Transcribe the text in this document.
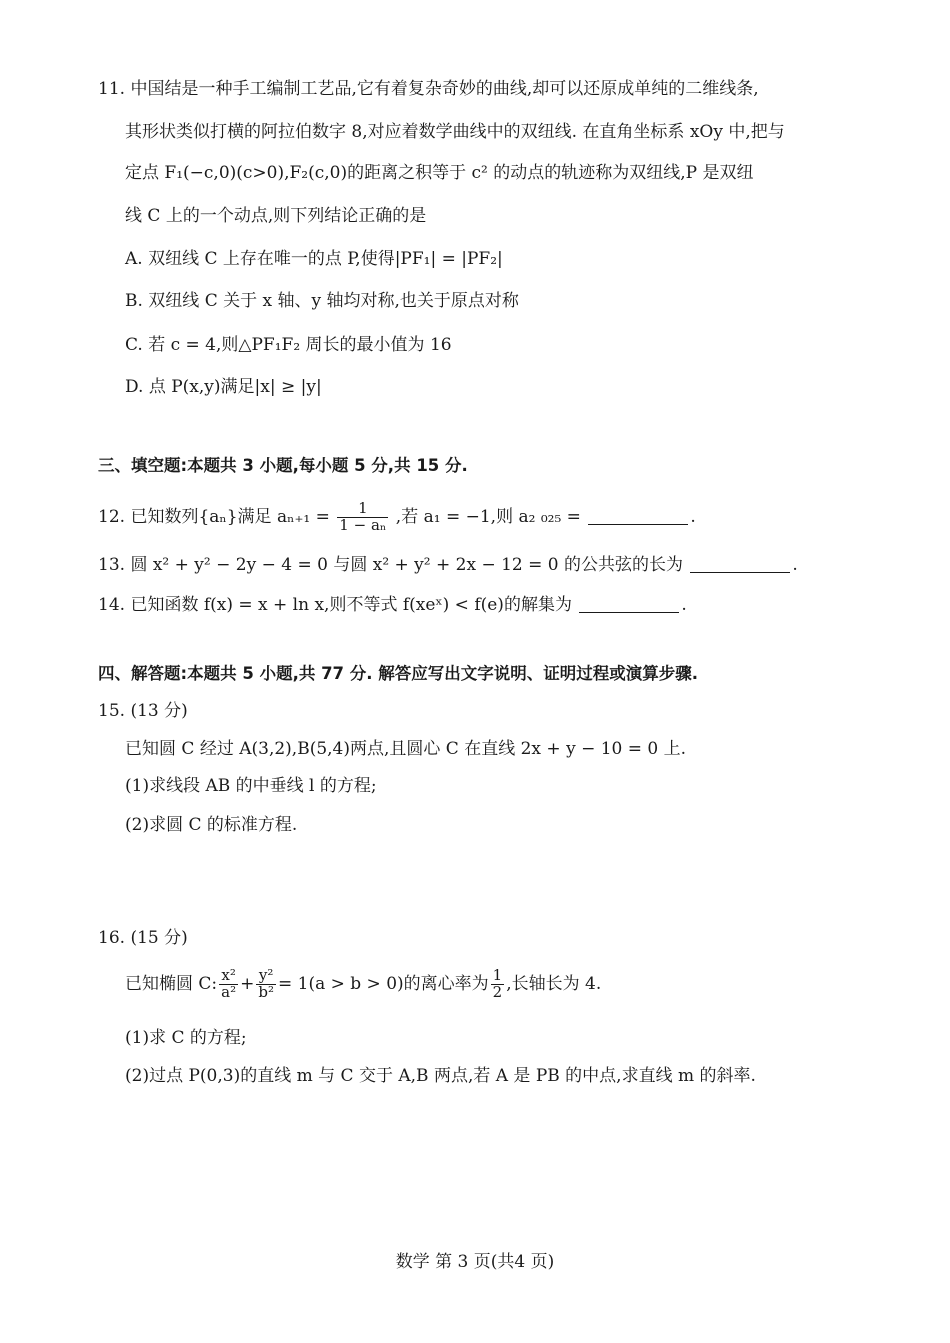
11. 中国结是一种手工编制工艺品,它有着复杂奇妙的曲线,却可以还原成单纯的二维线条,
其形状类似打横的阿拉伯数字 8,对应着数学曲线中的双纽线. 在直角坐标系 xOy 中,把与
定点 F₁(−c,0)(c>0),F₂(c,0)的距离之积等于 c² 的动点的轨迹称为双纽线,P 是双纽
线 C 上的一个动点,则下列结论正确的是
A. 双纽线 C 上存在唯一的点 P,使得|PF₁| = |PF₂|
B. 双纽线 C 关于 x 轴、y 轴均对称,也关于原点对称
C. 若 c = 4,则△PF₁F₂ 周长的最小值为 16
D. 点 P(x,y)满足|x| ≥ |y|
三、填空题:本题共 3 小题,每小题 5 分,共 15 分.
12. 已知数列{aₙ}满足 $a_{n+1} = \frac{1}{\text{1 − aₙ}}$ ,若 a₁ = −1,则 a₂ ₀₂₅ =	.
13. 圆 x² + y² − 2y − 4 = 0 与圆 x² + y² + 2x − 12 = 0 的公共弦的长为	.
14. 已知函数 f(x) = x + ln x,则不等式 f(xeˣ) < f(e)的解集为	.
四、解答题:本题共 5 小题,共 77 分. 解答应写出文字说明、证明过程或演算步骤.
15. (13 分)
已知圆 C 经过 A(3,2),B(5,4)两点,且圆心 C 在直线 2x + y − 10 = 0 上.
(1)求线段 AB 的中垂线 l 的方程;
(2)求圆 C 的标准方程.
16. (15 分)
已知椭圆 C: $\frac{\text{x²}}{\text{a²}} + \frac{\text{y²}}{\text{b²}} = 1(a > b > 0)$的离心率为 $\frac{1}{2}$ ,长轴长为 4.
(1)求 C 的方程;
(2)过点 P(0,3)的直线 m 与 C 交于 A,B 两点,若 A 是 PB 的中点,求直线 m 的斜率.
数学 第 3 页(共4 页)
